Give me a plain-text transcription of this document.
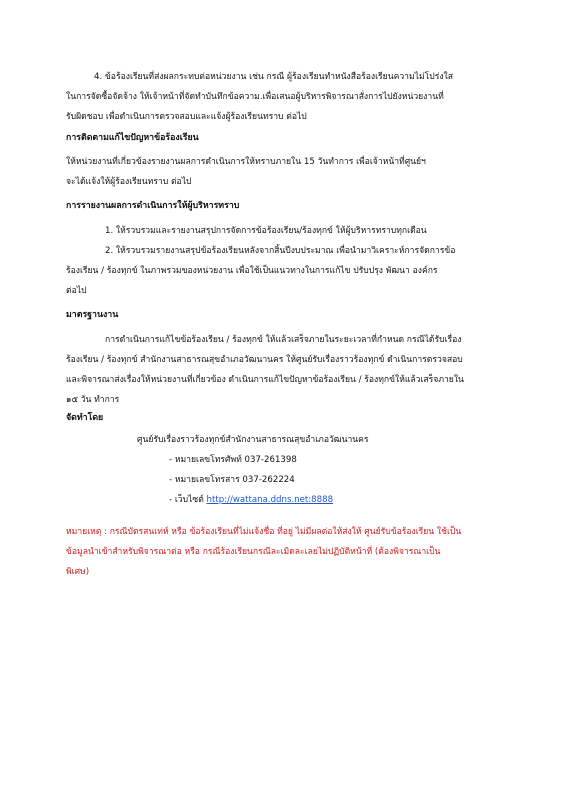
4. ข้อร้องเรียนที่ส่งผลกระทบต่อหน่วยงาน เช่น กรณี ผู้ร้องเรียนทำหนังสือร้องเรียนความไม่โปร่งใส
ในการจัดซื้อจัดจ้าง ให้เจ้าหน้าที่จัดทำบันทึกข้อความ.เพื่อเสนอผู้บริหารพิจารณาสั่งการไปยังหน่วยงานที่
รับผิดชอบ เพื่อดำเนินการตรวจสอบและแจ้งผู้ร้องเรียนทราบ ต่อไป
การติดตามแก้ไขปัญหาข้อร้องเรียน
ให้หน่วยงานที่เกี่ยวข้องรายงานผลการดำเนินการให้ทราบภายใน 15 วันทำการ เพื่อเจ้าหน้าที่ศูนย์ฯ
จะได้แจ้งให้ผู้ร้องเรียนทราบ ต่อไป
การรายงานผลการดำเนินการให้ผู้บริหารทราบ
1. ให้รวบรวมและรายงานสรุปการจัดการข้อร้องเรียน/ร้องทุกข์ ให้ผู้บริหารทราบทุกเดือน
2. ให้รวบรวมรายงานสรุปข้อร้องเรียนหลังจากสิ้นปีงบประมาณ เพื่อนำมาวิเคราะห์การจัดการข้อ
ร้องเรียน / ร้องทุกข์ ในภาพรวมของหน่วยงาน เพื่อใช้เป็นแนวทางในการแก้ไข ปรับปรุง พัฒนา องค์กร
ต่อไป
มาตรฐานงาน
การดำเนินการแก้ไขข้อร้องเรียน / ร้องทุกข์ ให้แล้วเสร็จภายในระยะเวลาที่กำหนด กรณีได้รับเรื่อง
ร้องเรียน / ร้องทุกข์ สำนักงานสาธารณสุขอำเภอวัฒนานคร ให้ศูนย์รับเรื่องราวร้องทุกข์ ดำเนินการตรวจสอบ
และพิจารณาส่งเรื่องให้หน่วยงานที่เกี่ยวข้อง ดำเนินการแก้ไขปัญหาข้อร้องเรียน / ร้องทุกข์ให้แล้วเสร็จภายใน
๑๕ วัน ทำการ
จัดทำโดย
ศูนย์รับเรื่องราวร้องทุกข์สำนักงานสาธารณสุขอำเภอวัฒนานคร
- หมายเลขโทรศัพท์ 037-261398
- หมายเลขโทรสาร 037-262224
- เว็บไซต์ http://wattana.ddns.net:8888
หมายเหตุ : กรณีบัตรสนเท่ห์ หรือ ข้อร้องเรียนที่ไม่แจ้งชื่อ ที่อยู่ ไม่มีผลต่อให้ส่งให้ ศูนย์รับข้อร้องเรียน ใช้เป็น
ข้อมูลนำเข้าสำหรับพิจารณาต่อ หรือ กรณีร้องเรียนกรณีละเมิดละเลยไม่ปฏิบัติหน้าที่ (ต้องพิจารณาเป็น
พิเศษ)
